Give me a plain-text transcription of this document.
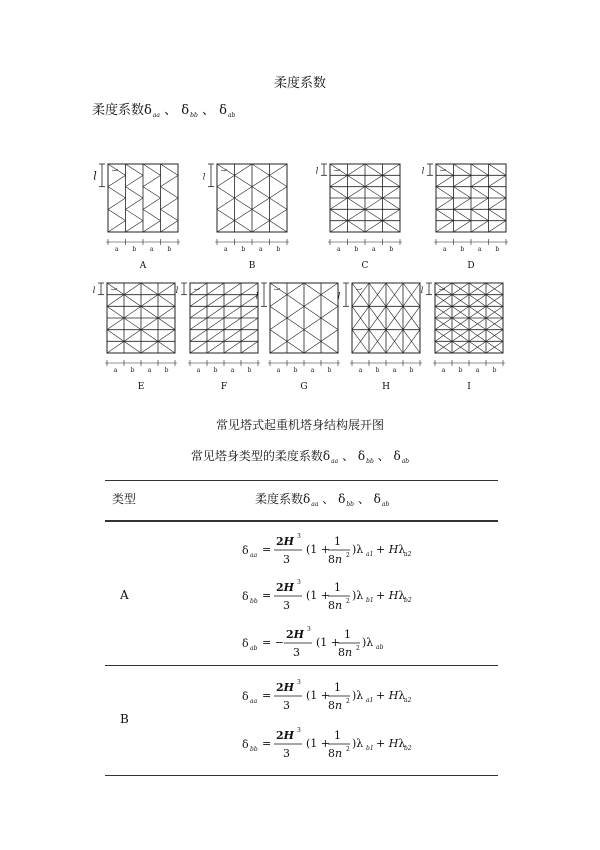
柔度系数
柔度系数$\delta_{aa}$ 、 $\delta_{bb}$ 、 $\delta_{ab}$
l
a b a b
A
l
a b a b
B
l
a b a b
C
l
a b a b
D
l
a b a b
E
l
a b a b
F
l
a b a b
G
l
a b a b
H
l
a b a b
I
常见塔式起重机塔身结构展开图
常见塔身类型的柔度系数$\delta_{aa}$ 、 $\delta_{bb}$ 、 $\delta_{ab}$
类型	柔度系数$\delta_{aa}$ 、 $\delta_{bb}$ 、 $\delta_{ab}$
A
δ aa =
2H 3
3
(1 +
1
8n 2 )λ a1 + Hλ
a2
δ bb =
2H 3
3
(1 +
1
8n 2 )λ b1 + Hλ
b2
δ ab = −
2H 3
3
(1 +
1
8n 2 )λ ab
B
δ aa =
2H 3
3
(1 +
1
8n 2 )λ a1 + Hλ
a2
δ bb =
2H 3
3
(1 +
1
8n 2 )λ b1 + Hλ
b2
